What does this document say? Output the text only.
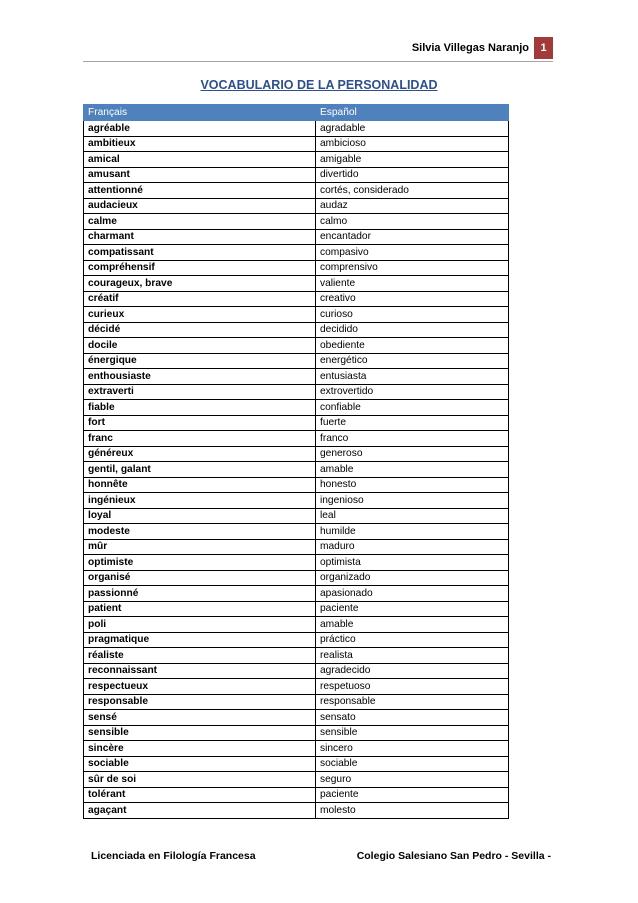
Silvia Villegas Naranjo	1
VOCABULARIO DE LA PERSONALIDAD
Français	Español
agréable	agradable
ambitieux	ambicioso
amical	amigable
amusant	divertido
attentionné	cortés, considerado
audacieux	audaz
calme	calmo
charmant	encantador
compatissant	compasivo
compréhensif	comprensivo
courageux, brave	valiente
créatif	creativo
curieux	curioso
décidé	decidido
docile	obediente
énergique	energético
enthousiaste	entusiasta
extraverti	extrovertido
fiable	confiable
fort	fuerte
franc	franco
généreux	generoso
gentil, galant	amable
honnête	honesto
ingénieux	ingenioso
loyal	leal
modeste	humilde
mûr	maduro
optimiste	optimista
organisé	organizado
passionné	apasionado
patient	paciente
poli	amable
pragmatique	práctico
réaliste	realista
reconnaissant	agradecido
respectueux	respetuoso
responsable	responsable
sensé	sensato
sensible	sensible
sincère	sincero
sociable	sociable
sûr de soi	seguro
tolérant	paciente
agaçant	molesto
Licenciada en Filología Francesa	Colegio Salesiano San Pedro - Sevilla -
